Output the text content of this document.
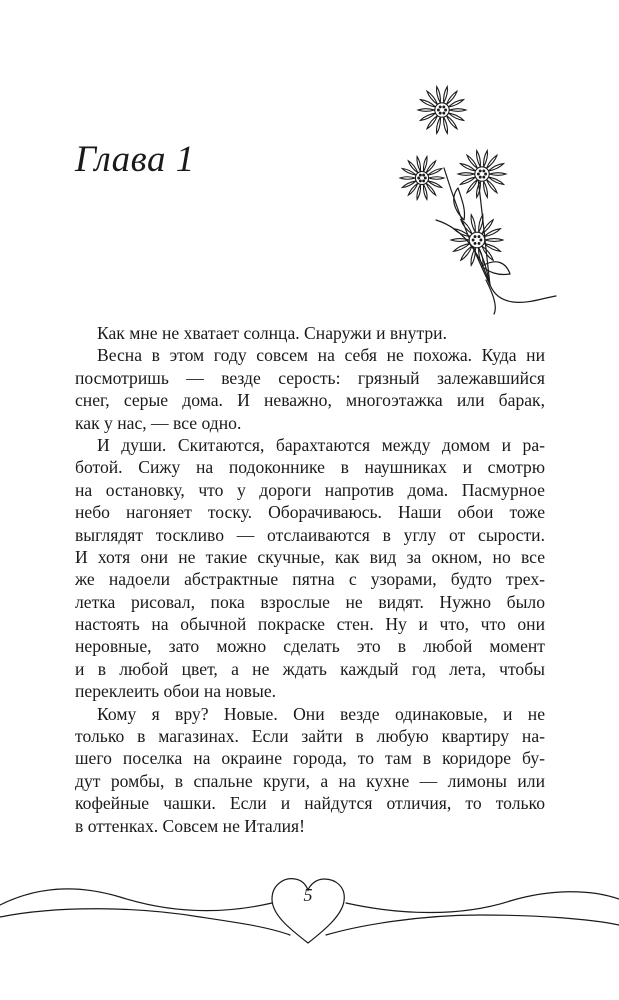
Глава 1
Как мне не хватает солнца. Снаружи и внутри.
Весна в этом году совсем на себя не похожа. Куда ни
посмотришь — везде серость: грязный залежавшийся
снег, серые дома. И неважно, многоэтажка или барак,
как у нас, — все одно.
И души. Скитаются, барахтаются между домом и ра-
ботой. Сижу на подоконнике в наушниках и смотрю
на остановку, что у дороги напротив дома. Пасмурное
небо нагоняет тоску. Оборачиваюсь. Наши обои тоже
выглядят тоскливо — отслаиваются в углу от сырости.
И хотя они не такие скучные, как вид за окном, но все
же надоели абстрактные пятна с узорами, будто трех-
летка рисовал, пока взрослые не видят. Нужно было
настоять на обычной покраске стен. Ну и что, что они
неровные, зато можно сделать это в любой момент
и в любой цвет, а не ждать каждый год лета, чтобы
переклеить обои на новые.
Кому я вру? Новые. Они везде одинаковые, и не
только в магазинах. Если зайти в любую квартиру на-
шего поселка на окраине города, то там в коридоре бу-
дут ромбы, в спальне круги, а на кухне — лимоны или
кофейные чашки. Если и найдутся отличия, то только
в оттенках. Совсем не Италия!
5
